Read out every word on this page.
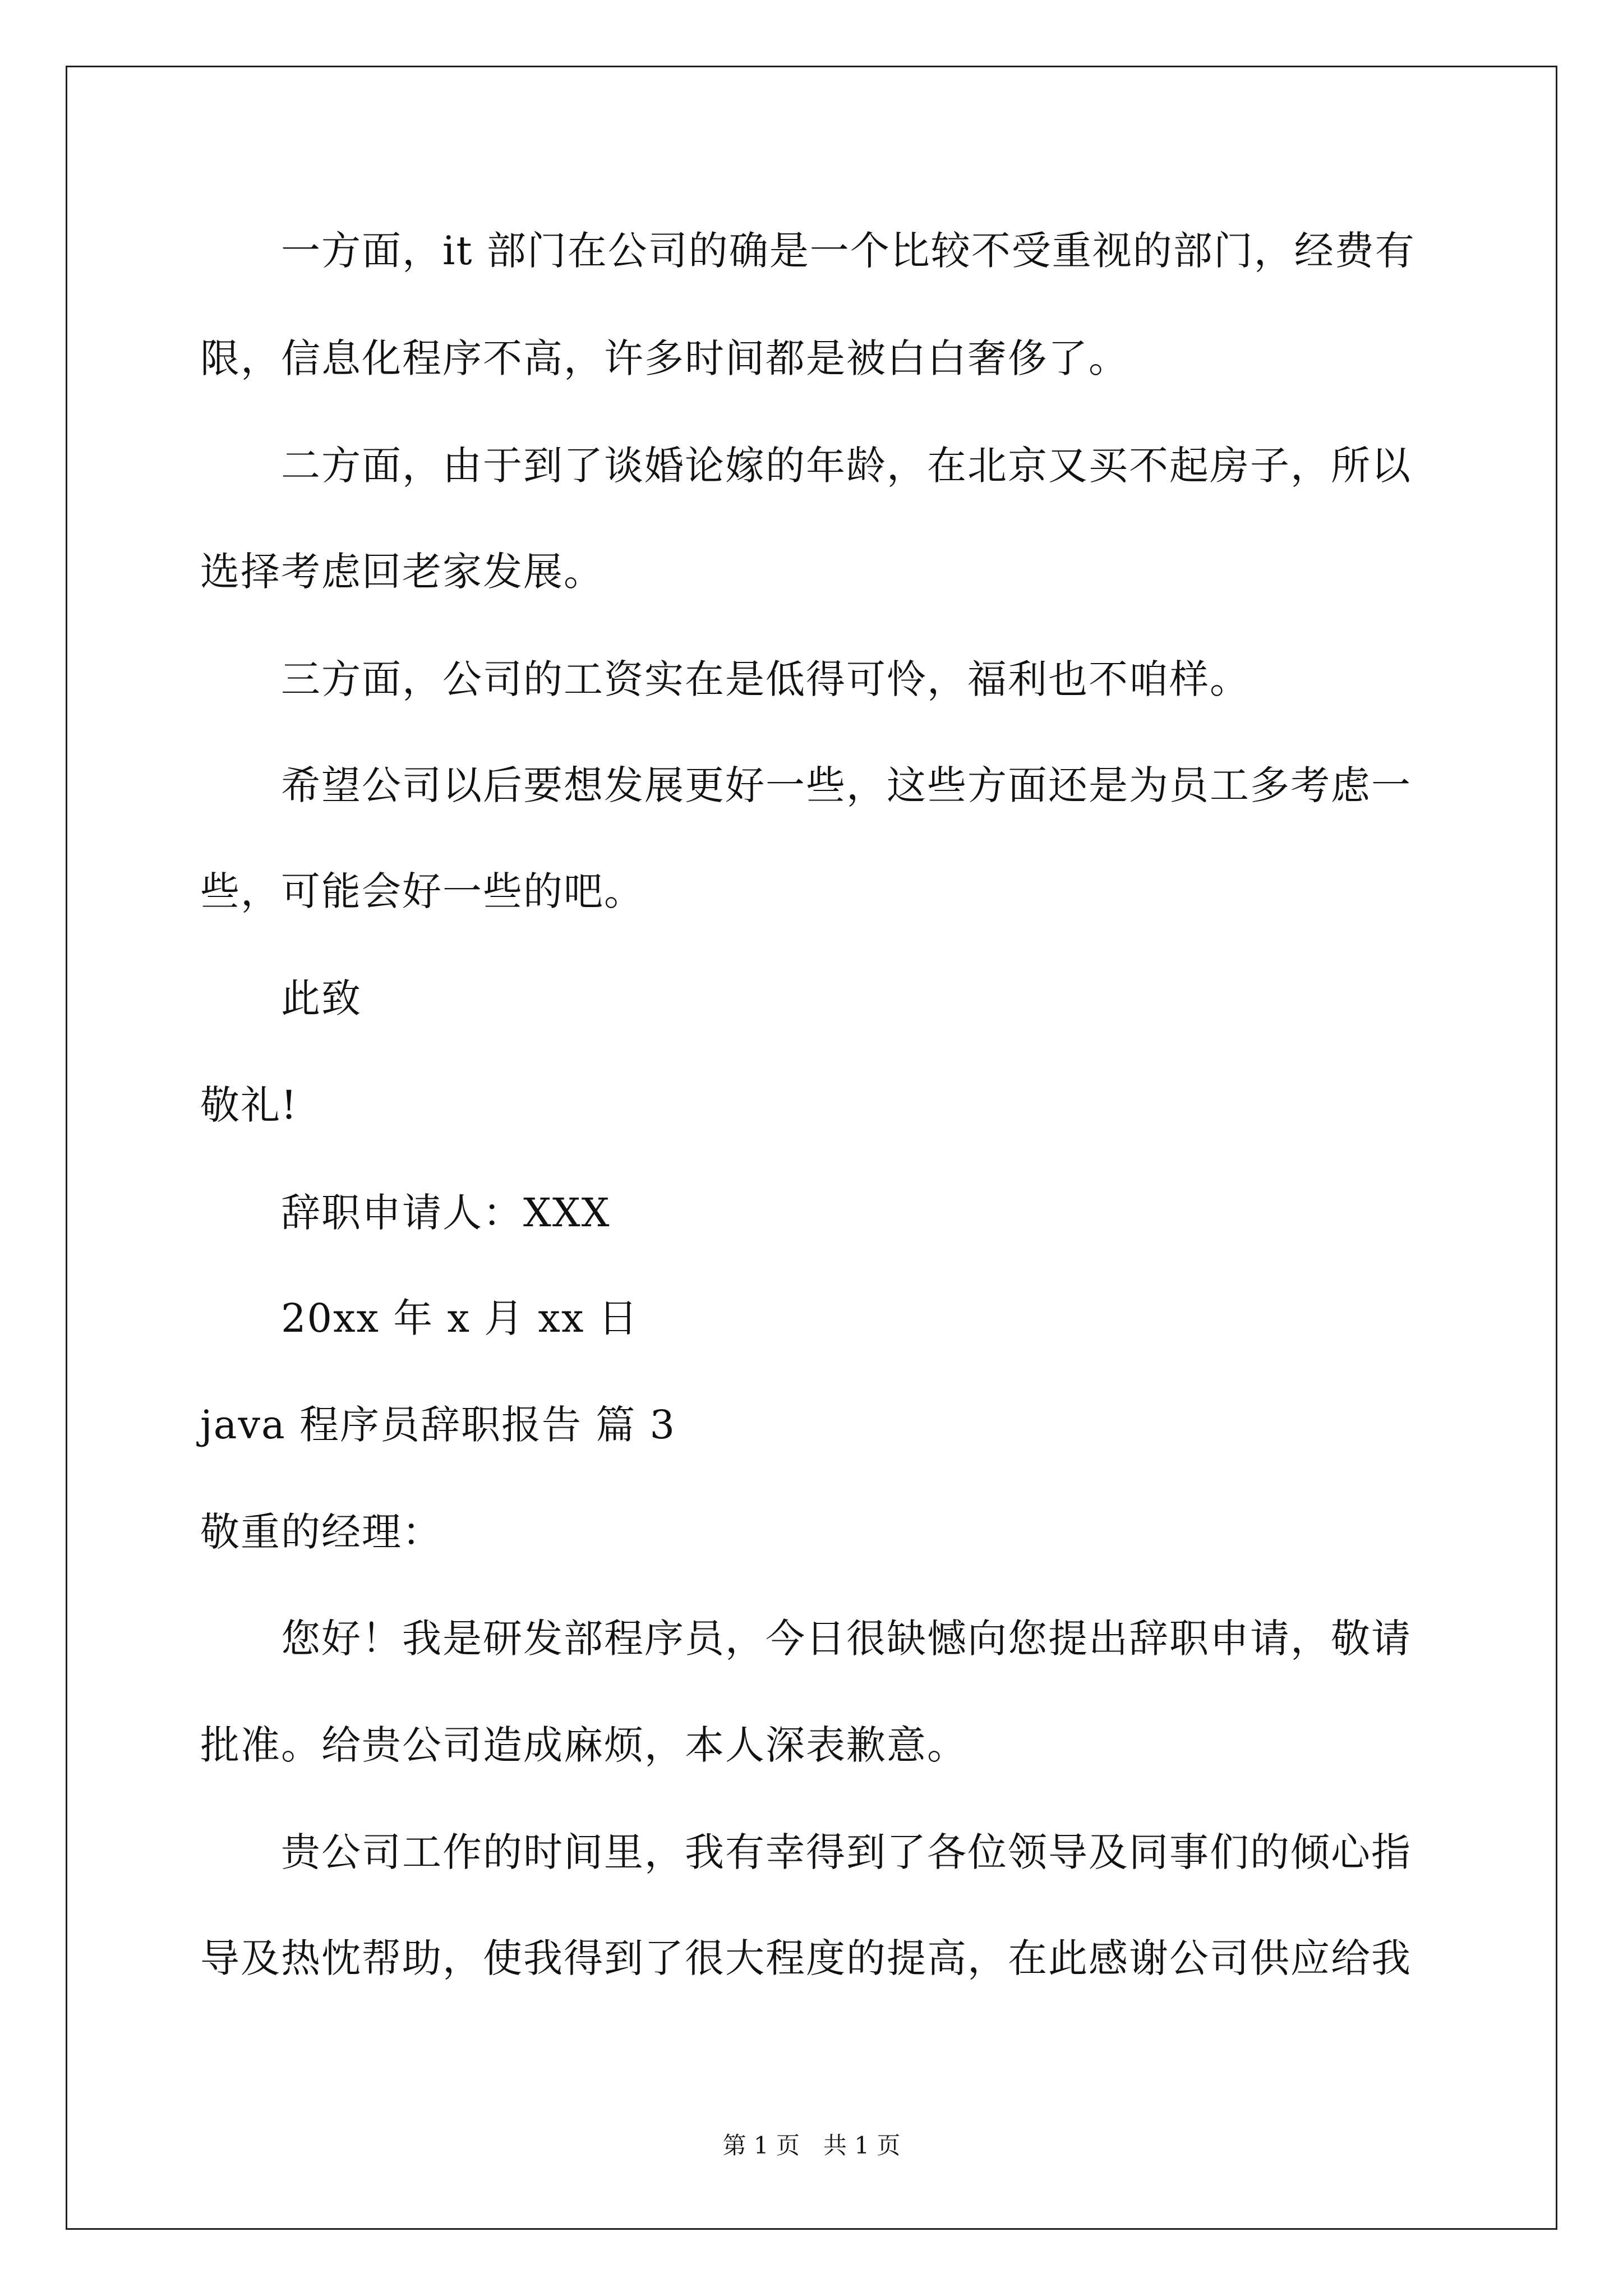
一方面，it 部门在公司的确是一个比较不受重视的部门，经费有
限，信息化程序不高，许多时间都是被白白奢侈了。
二方面，由于到了谈婚论嫁的年龄，在北京又买不起房子，所以
选择考虑回老家发展。
三方面，公司的工资实在是低得可怜，福利也不咱样。
希望公司以后要想发展更好一些，这些方面还是为员工多考虑一
些，可能会好一些的吧。
此致
敬礼!
辞职申请人：XXX
20xx 年 x 月 xx 日
java 程序员辞职报告 篇 3
敬重的经理：
您好！我是研发部程序员，今日很缺憾向您提出辞职申请，敬请
批准。给贵公司造成麻烦，本人深表歉意。
贵公司工作的时间里，我有幸得到了各位领导及同事们的倾心指
导及热忱帮助，使我得到了很大程度的提高，在此感谢公司供应给我
第 1 页　共 1 页
